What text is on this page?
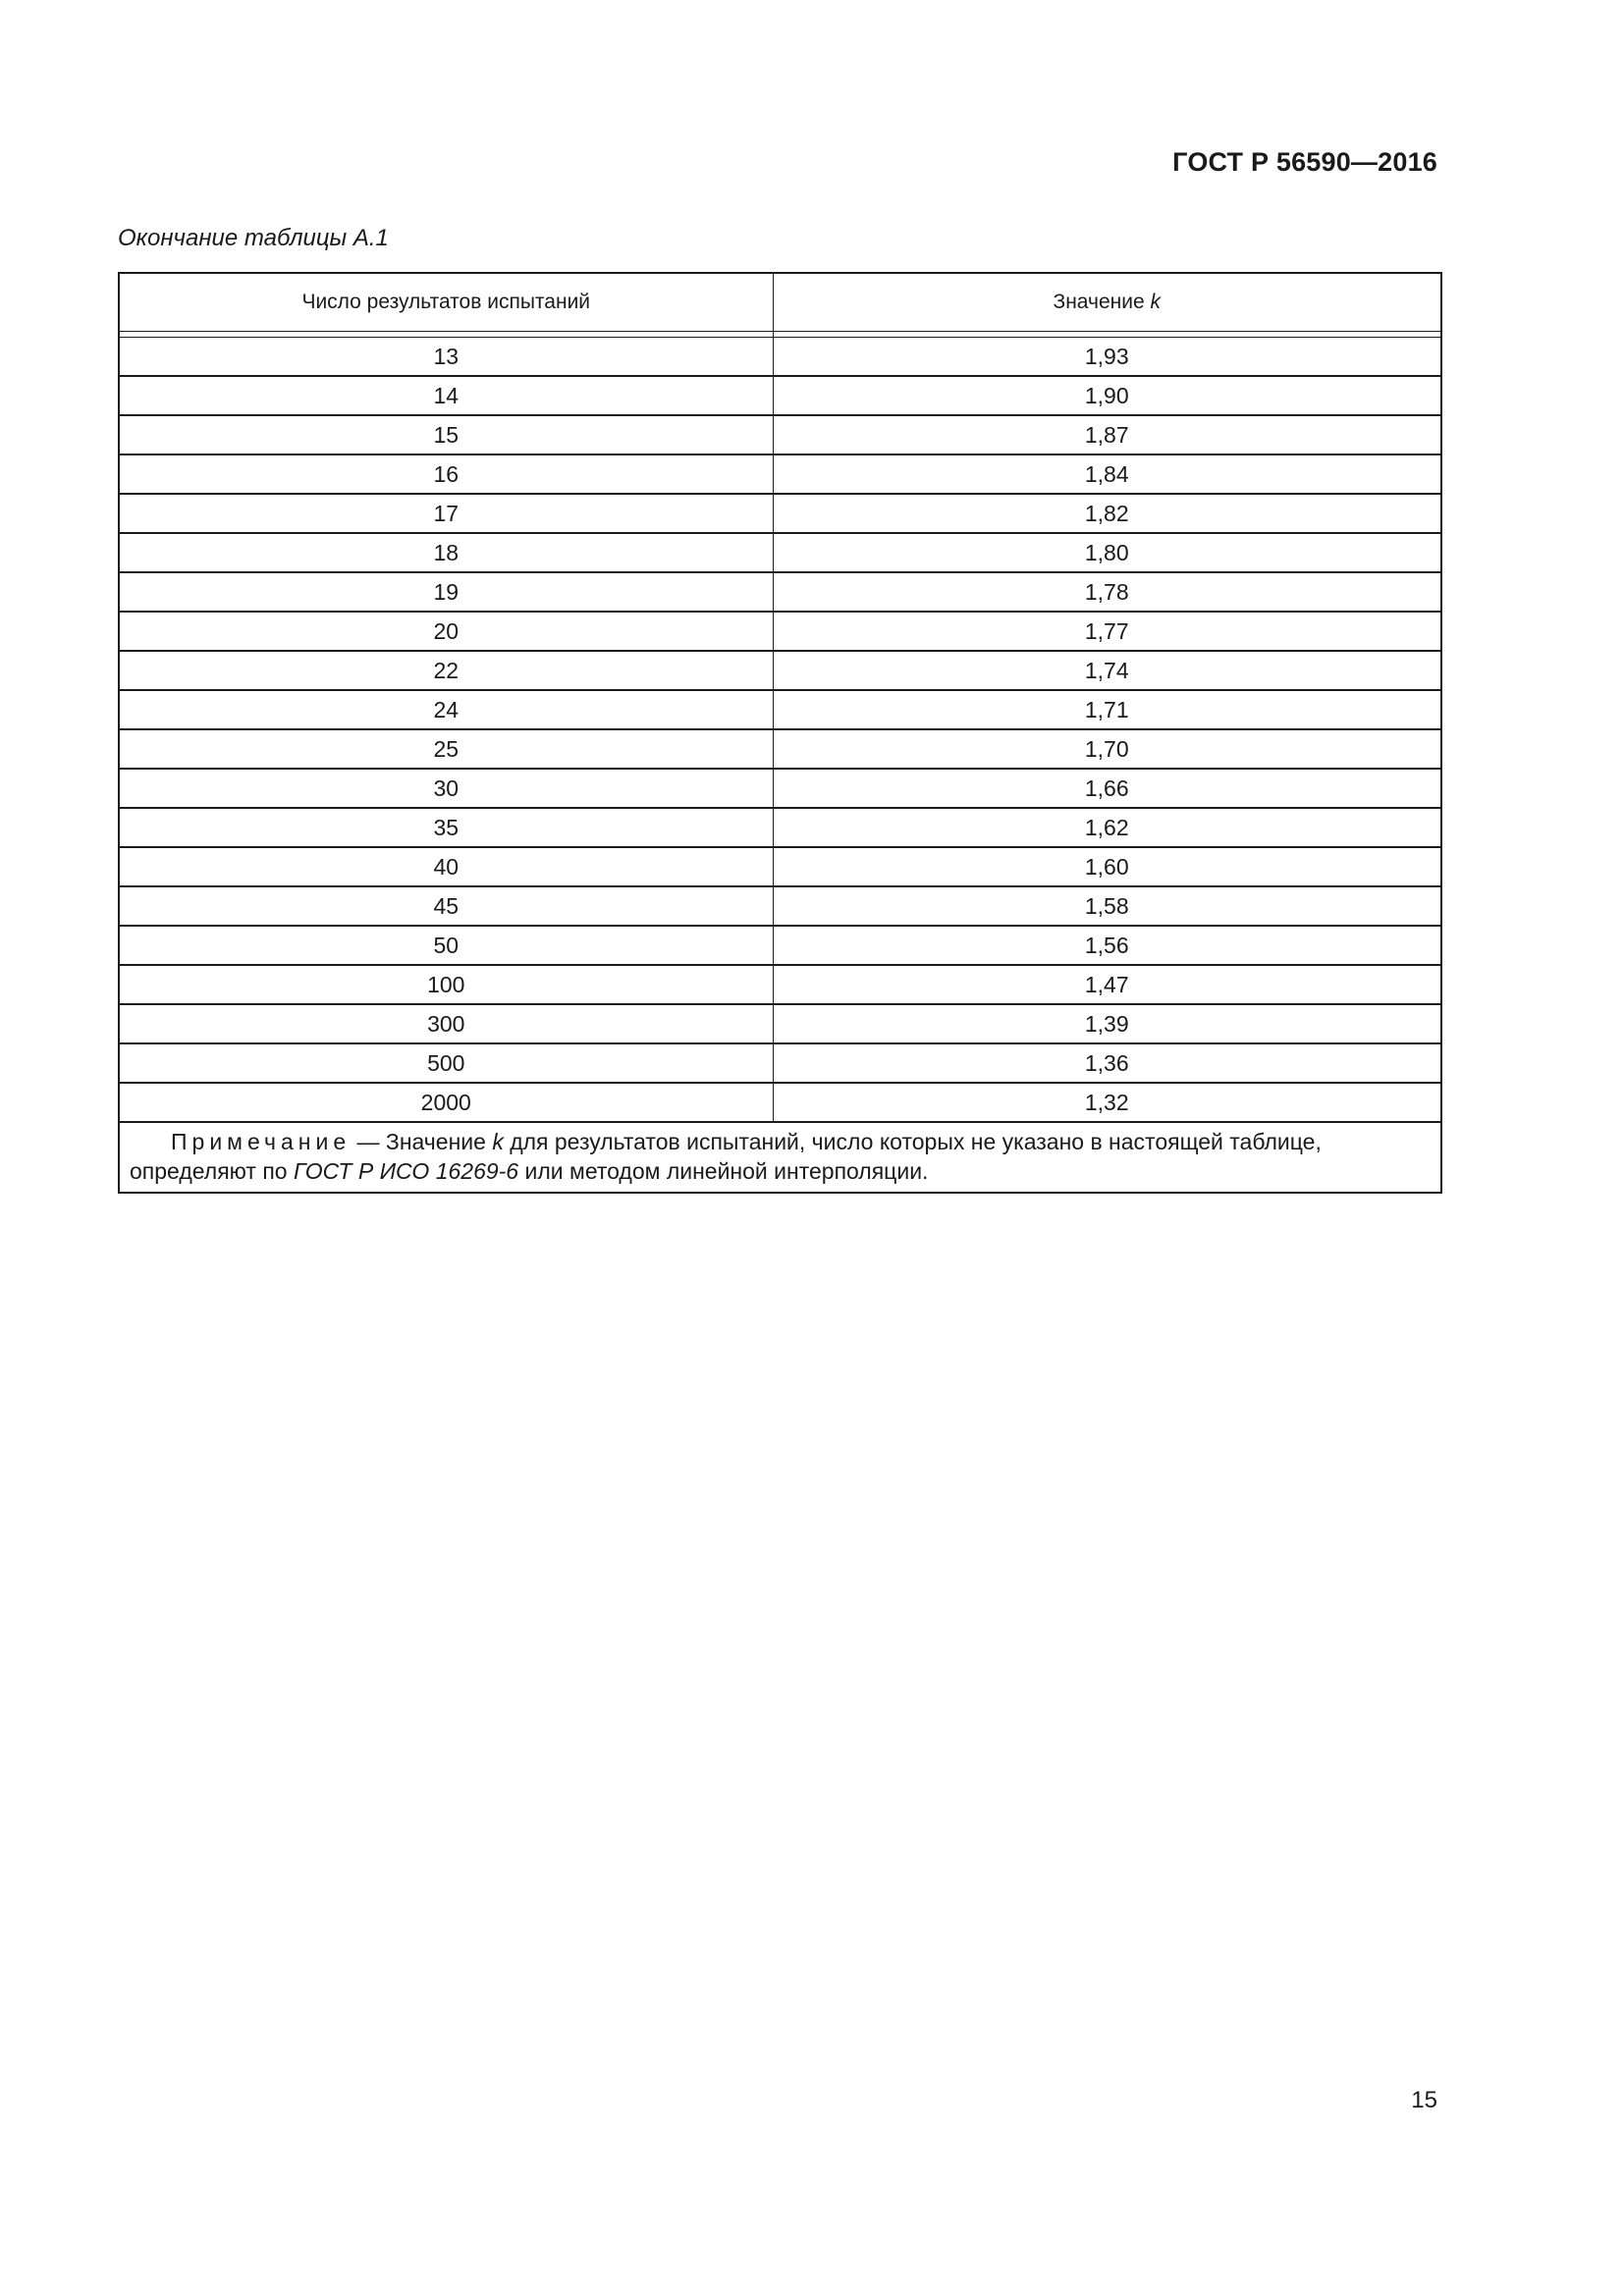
ГОСТ Р 56590—2016
Окончание таблицы А.1
Число результатов испытаний	Значение k

13	1,93
14	1,90
15	1,87
16	1,84
17	1,82
18	1,80
19	1,78
20	1,77
22	1,74
24	1,71
25	1,70
30	1,66
35	1,62
40	1,60
45	1,58
50	1,56
100	1,47
300	1,39
500	1,36
2000	1,32
Примечание — Значение k для результатов испытаний, число которых не указано в настоящей таблице, определяют по ГОСТ Р ИСО 16269-6 или методом линейной интерполяции.	
15
